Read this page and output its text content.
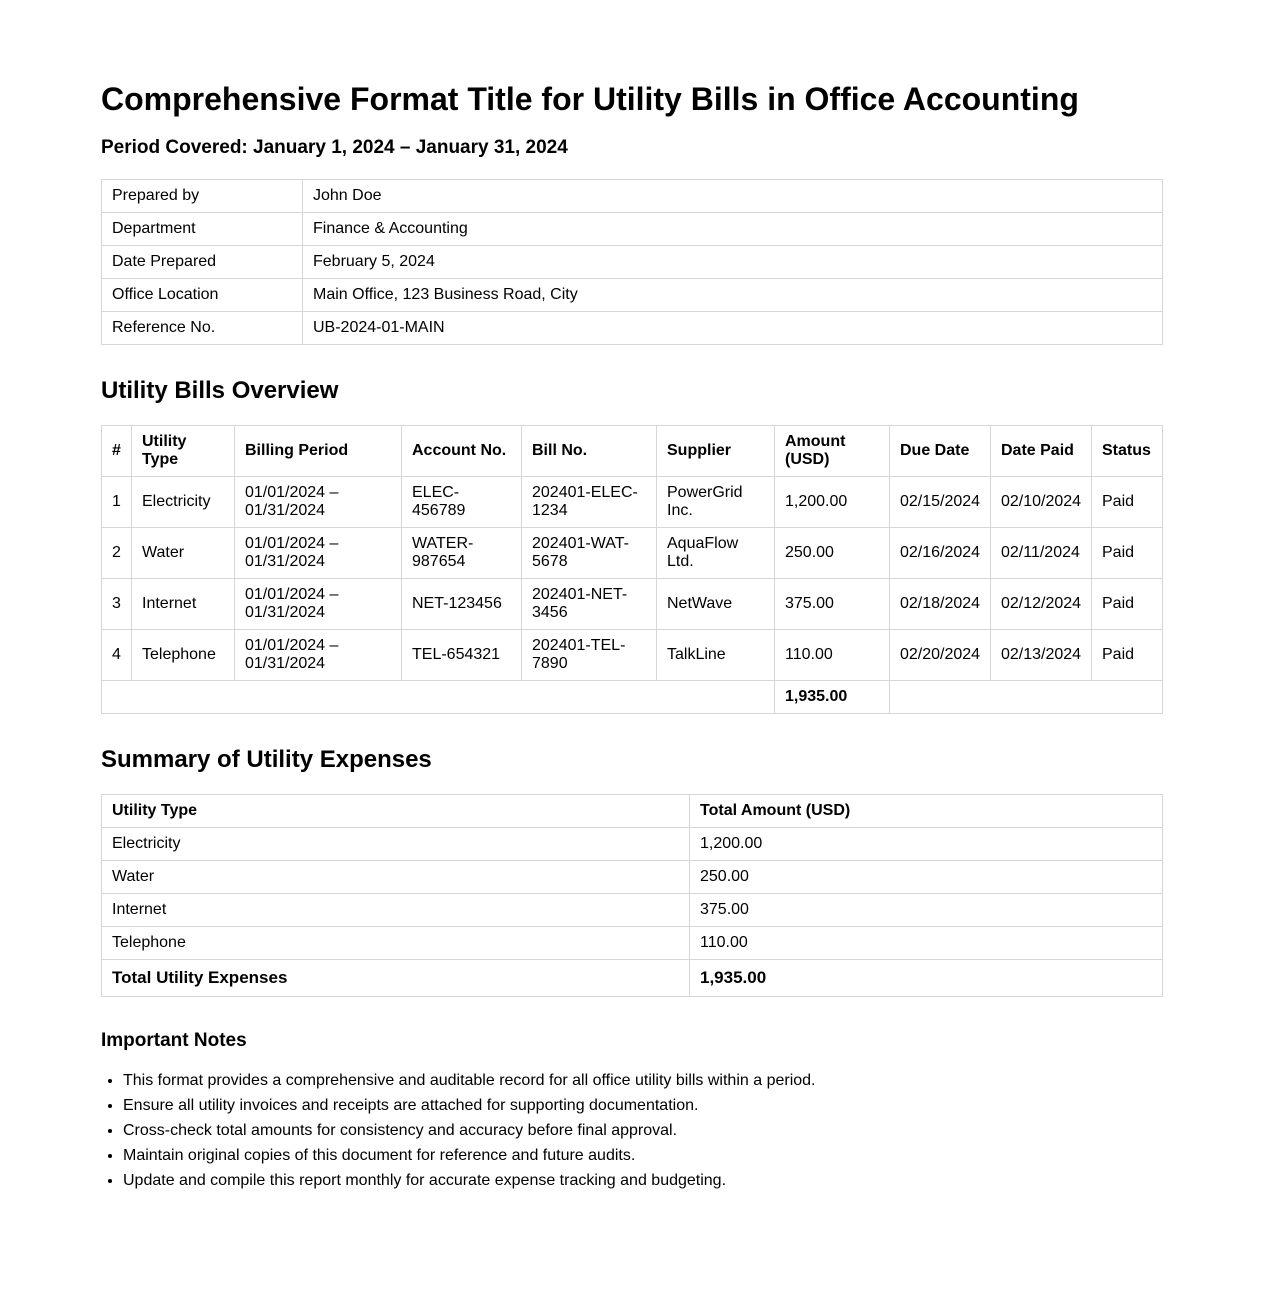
Comprehensive Format Title for Utility Bills in Office Accounting
Period Covered: January 1, 2024 – January 31, 2024
Prepared by	John Doe
Department	Finance & Accounting
Date Prepared	February 5, 2024
Office Location	Main Office, 123 Business Road, City
Reference No.	UB-2024-01-MAIN
Utility Bills Overview
#	Utility Type	Billing Period	Account No.	Bill No.	Supplier	Amount (USD)	Due Date	Date Paid	Status
1	Electricity	01/01/2024 – 01/31/2024	ELEC-456789	202401-ELEC-1234	PowerGrid Inc.	1,200.00	02/15/2024	02/10/2024	Paid
2	Water	01/01/2024 – 01/31/2024	WATER-987654	202401-WAT-5678	AquaFlow Ltd.	250.00	02/16/2024	02/11/2024	Paid
3	Internet	01/01/2024 – 01/31/2024	NET-123456	202401-NET-3456	NetWave	375.00	02/18/2024	02/12/2024	Paid
4	Telephone	01/01/2024 – 01/31/2024	TEL-654321	202401-TEL-7890	TalkLine	110.00	02/20/2024	02/13/2024	Paid
						1,935.00			
Summary of Utility Expenses
Utility Type	Total Amount (USD)
Electricity	1,200.00
Water	250.00
Internet	375.00
Telephone	110.00
Total Utility Expenses	1,935.00
Important Notes
• This format provides a comprehensive and auditable record for all office utility bills within a period.
• Ensure all utility invoices and receipts are attached for supporting documentation.
• Cross-check total amounts for consistency and accuracy before final approval.
• Maintain original copies of this document for reference and future audits.
• Update and compile this report monthly for accurate expense tracking and budgeting.
